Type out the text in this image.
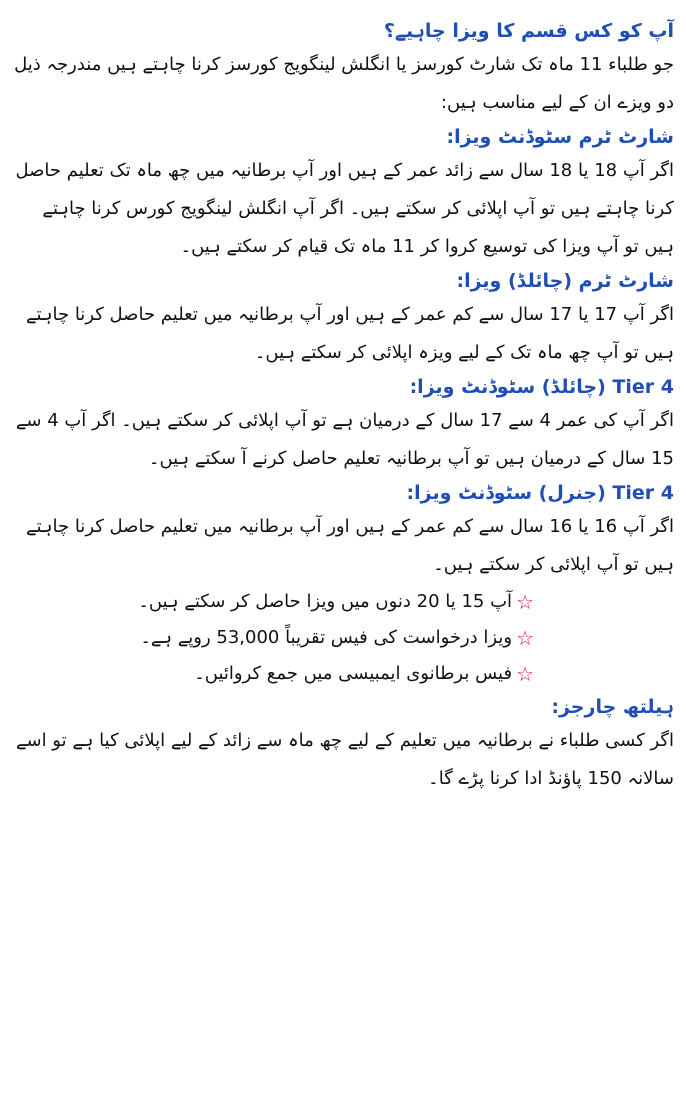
آپ کو کس قسم کا ویزا چاہیے؟

جو طلباء 11 ماہ تک شارٹ کورسز یا انگلش لینگویج کورسز کرنا چاہتے ہیں مندرجہ ذیل دو ویزے ان کے لیے مناسب ہیں:

شارٹ ٹرم سٹوڈنٹ ویزا:

اگر آپ 18 یا 18 سال سے زائد عمر کے ہیں اور آپ برطانیہ میں چھ ماہ تک تعلیم حاصل کرنا چاہتے ہیں تو آپ اپلائی کر سکتے ہیں۔ اگر آپ انگلش لینگویج کورس کرنا چاہتے ہیں تو آپ ویزا کی توسیع کروا کر 11 ماہ تک قیام کر سکتے ہیں۔

شارٹ ٹرم (چائلڈ) ویزا:

اگر آپ 17 یا 17 سال سے کم عمر کے ہیں اور آپ برطانیہ میں تعلیم حاصل کرنا چاہتے ہیں تو آپ چھ ماہ تک کے لیے ویزہ اپلائی کر سکتے ہیں۔

Tier 4 (چائلڈ) سٹوڈنٹ ویزا:

اگر آپ کی عمر 4 سے 17 سال کے درمیان ہے تو آپ اپلائی کر سکتے ہیں۔ اگر آپ 4 سے 15 سال کے درمیان ہیں تو آپ برطانیہ تعلیم حاصل کرنے آ سکتے ہیں۔

Tier 4 (جنرل) سٹوڈنٹ ویزا:

اگر آپ 16 یا 16 سال سے کم عمر کے ہیں اور آپ برطانیہ میں تعلیم حاصل کرنا چاہتے ہیں تو آپ اپلائی کر سکتے ہیں۔

☆
آپ 15 یا 20 دنوں میں ویزا حاصل کر سکتے ہیں۔
☆
ویزا درخواست کی فیس تقریباً 53,000 روپے ہے۔
☆
فیس برطانوی ایمبیسی میں جمع کروائیں۔
ہیلتھ چارجز:

اگر کسی طلباء نے برطانیہ میں تعلیم کے لیے چھ ماہ سے زائد کے لیے اپلائی کیا ہے تو اسے سالانہ 150 پاؤنڈ ادا کرنا پڑے گا۔
